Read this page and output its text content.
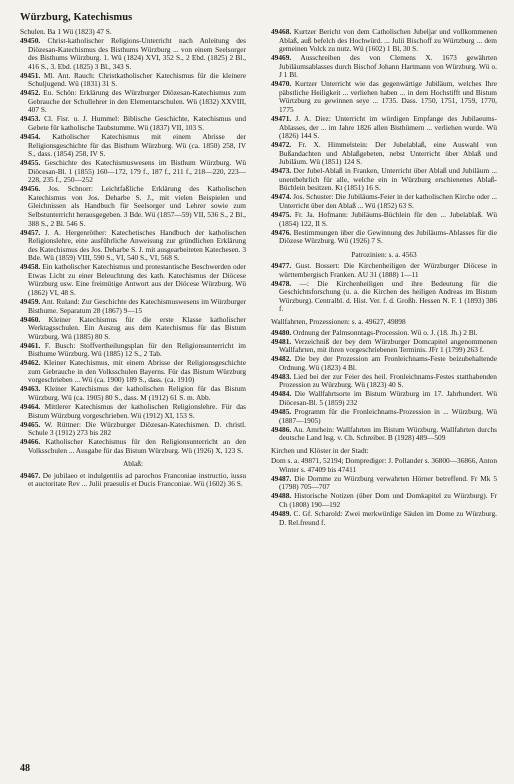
Würzburg, Katechismus
Schulen. Ba 1 Wü (1823) 47 S.
49450. Christ-katholischer Religions-Unterricht nach Anleitung des Diözesan-Katechismus des Bisthums Würzburg ... von einem Seelsorger des Bisthums Würzburg. 1. Wü (1824) XVI, 352 S., 2 Ebd. (1825) 2 Bl., 416 S., 3. Ebd. (1825) 3 Bl., 343 S.
49451. Ml. Ant. Rauch: Christkatholischer Katechismus für die kleinere Schuljugend. Wü (1831) 31 S.
49452. Eu. Schön: Erklärung des Würzburger Diözesan-Katechismus zum Gebrauche der Schullehrer in den Elementarschulen. Wü (1832) XXVIII, 407 S.
49453. Cl. Fisr. u. J. Hummel: Biblische Geschichte, Katechismus und Gebete für katholische Taubstumme. Wü (1837) VII, 103 S.
49454. Katholischer Katechismus mit einem Abrisse der Religionsgeschichte für das Bisthum Würzburg. Wü (ca. 1850) 258, IV S., dass. (1854) 258, IV S.
49455. Geschichte des Katechismuswesens im Bisthum Würzburg. Wü Diöcesan-Bl. 1 (1855) 160—172, 179 f., 187 f., 211 f., 218—220, 223—228, 235 f., 250—252
49456. Jos. Schnorr: Leichtfaßliche Erklärung des Katholischen Katechismus von Jos. Deharbe S. J., mit vielen Beispielen und Gleichnissen als Handbuch für Seelsorger und Lehrer sowie zum Selbstunterricht herausgegeben. 3 Bde. Wü (1857—59) VII, 536 S., 2 Bl., 388 S., 2 Bl. 546 S.
49457. J. A. Hergenröther: Katechetisches Handbuch der katholischen Religionslehre, eine ausführliche Anweisung zur gründlichen Erklärung des Katechismus des Jos. Deharbe S. J. mit ausgearbeiteten Katechesen. 3 Bde. Wü (1859) VIII, 590 S., VI, 540 S., VI, 568 S.
49458. Ein katholischer Katechismus und protestantische Beschwerden oder Etwas Licht zu einer Beleuchtung des kath. Katechismus der Diöcese Würzburg usw. Eine freimütige Antwort aus der Diöcese Würzburg. Wü (1862) VI, 48 S.
49459. Ant. Ruland: Zur Geschichte des Katechismuswesens im Würzburger Bisthume. Separatum 28 (1867) 9—15
49460. Kleiner Katechismus für die erste Klasse katholischer Werktagsschulen. Ein Auszug aus dem Katechismus für das Bistum Würzburg. Wü (1885) 80 S.
49461. F. Busch: Stoffvertheilungsplan für den Religionsunterricht im Bisthume Würzburg. Wü (1885) 12 S., 2 Tab.
49462. Kleiner Katechismus, mit einem Abrisse der Religionsgeschichte zum Gebrauche in den Volksschulen Bayerns. Für das Bistum Würzburg vorgeschrieben ... Wü (ca. 1900) 189 S., dass. (ca. 1910)
49463. Kleiner Katechismus der katholischen Religion für das Bistum Würzburg. Wü (ca. 1905) 80 S., dass. M (1912) 61 S. m. Abb.
49464. Mittlerer Katechismus der katholischen Religionslehre. Für das Bistum Würzburg vorgeschrieben. Wü (1912) XI, 153 S.
49465. W. Rüttner: Die Würzburger Diözesan-Katechismen. D. christl. Schule 3 (1912) 273 bis 282
49466. Katholischer Katechismus für den Religionsunterricht an den Volksschulen ... Ausgabe für das Bistum Würzburg. Wü (1926) X, 123 S.
Ablaß:
49467. De jubilaeo et indulgentiis ad parochos Franconiae instructio, iussu et auctoritate Rev ... Julii praesulis et Ducis Franconiae. Wü (1602) 36 S.
49468. Kurtzer Bericht von dem Catholischen Jubeljar und vollkommenen Ablaß, auß befelch des Hochwürd. ... Julii Bischoff zu Würtzburg ... dem gemeinen Volck zu nutz. Wü (1602) 1 Bl, 30 S.
49469. Ausschreiben des von Clemens X. 1673 gewährten Jubiläumsablasses durch Bischof Johann Hartmann von Würzburg. Wü o. J 1 Bl.
49470. Kurtzer Unterricht wie das gegenwärtige Jubiläum, welches Ihre päbstliche Heiligkeit ... verliehen haben ... in dem Hochstifft und Bistum Würtzburg zu gewinnen seye ... 1735. Dass. 1750, 1751, 1759, 1770, 1775
49471. J. A. Diez: Unterricht im würdigen Empfange des Jubilaeums-Ablasses, der ... im Jahre 1826 allen Bisthümern ... verliehen wurde. Wü (1826) 144 S.
49472. Fr. X. Himmelstein: Der Jubelablaß, eine Auswahl von Bußandachten und Ablaßgebeten, nebst Unterricht über Ablaß und Jubiläum. Wü (1851) 124 S.
49473. Der Jubel-Ablaß in Franken, Unterricht über Ablaß und Jubiläum ... unentbehrlich für alle, welche ein in Würzburg erschienenes Ablaß-Büchlein besitzen. Kt (1851) 16 S.
49474. Jos. Schuster: Die Jubiläums-Feier in der katholischen Kirche oder ... Unterricht über den Ablaß ... Wü (1852) 63 S.
49475. Fr. Ja. Hofmann: Jubiläums-Büchlein für den ... Jubelablaß. Wü (1854) 122, II S.
49476. Bestimmungen über die Gewinnung des Jubiläums-Ablasses für die Diözese Würzburg. Wü (1926) 7 S.
Patrozinien: s. a. 4563
49477. Gust. Bossert: Die Kirchenheiligen der Würzburger Diöcese in württembergisch Franken. AU 31 (1888) 1—11
49478. —: Die Kirchenheiligen und ihre Bedeutung für die Geschichtsforschung (u. a. die Kirchen des heiligen Andreas im Bistum Würzburg). Centralbl. d. Hist. Ver. f. d. Großh. Hessen N. F. 1 (1893) 386 f.
Wallfahrten, Prozessionen: s. a. 49627, 49898
49480. Ordnung der Palmsonntags-Procession. Wü o. J. (18. Jh.) 2 Bl.
49481. Verzeichniß der bey dem Würzburger Domcapitel angenommenen Wallfahrten, mit ihren vorgeschriebenen Terminis. JFr 1 (1799) 263 f.
49482. Die bey der Prozession am Fronleichnams-Feste beizubehaltende Ordnung. Wü (1823) 4 Bl.
49483. Lied bei der zur Feier des heil. Fronleichnams-Festes statthabenden Prozession zu Würzburg. Wü (1823) 40 S.
49484. Die Wallfahrtsorte im Bistum Würzburg im 17. Jahrhundert. Wü Diöcesan-Bl. 5 (1859) 232
49485. Programm für die Fronleichnams-Prozession in ... Würzburg. Wü (1887—1905)
49486. Au. Amrhein: Wallfahrten im Bistum Würzburg. Wallfahrten durchs deutsche Land hsg. v. Ch. Schreiber. B (1928) 489—509
Kirchen und Klöster in der Stadt:
Dom s. a. 49871, 52194; Domprediger: J. Pollander s. 36800—36866, Anton Winter s. 47409 bis 47411
49487. Die Domme zu Würzburg verwahrten Hörner betreffend. Fr Mk 5 (1798) 705—707
49488. Historische Notizen (über Dom und Domkapitel zu Würzburg). Fr Ch (1808) 190—192
49489. C. Gf. Scharold: Zwei merkwürdige Säulen im Dome zu Würzburg. D. Rel.freund f.
48
